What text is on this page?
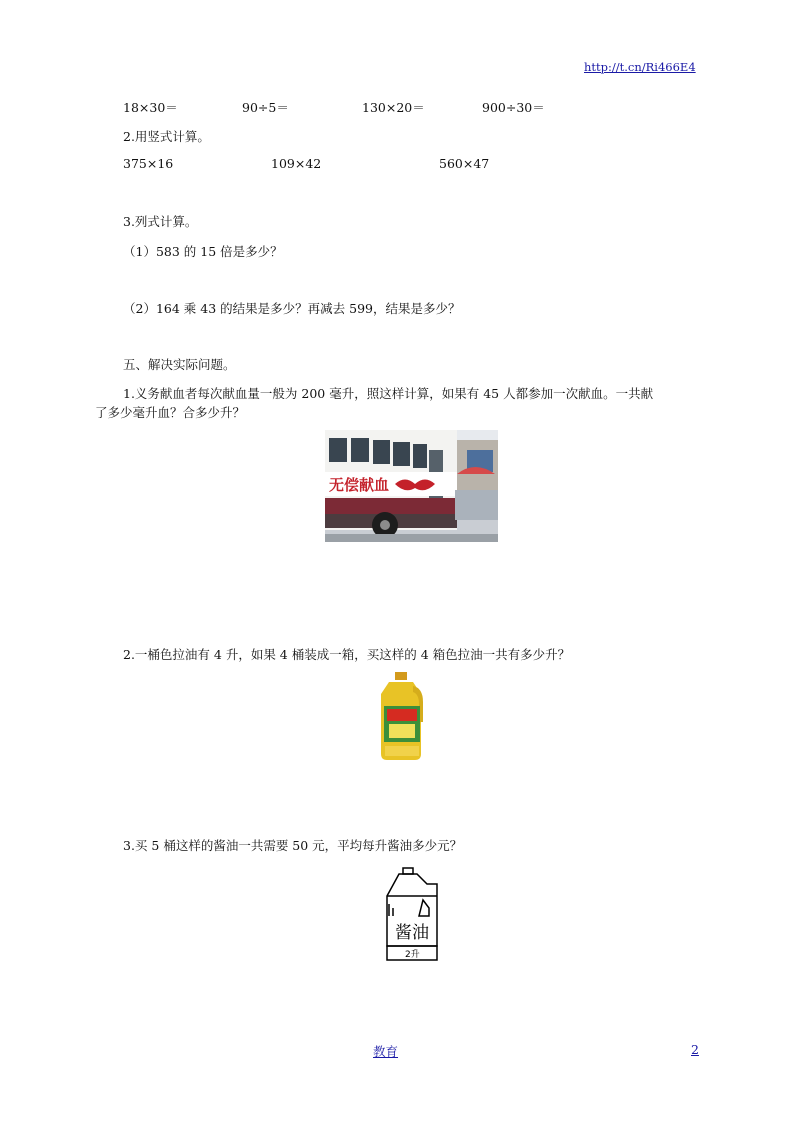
http://t.cn/Ri466E4
18×30＝	90÷5＝	130×20＝	900÷30＝
2.用竖式计算。
375×16	109×42	560×47
3.列式计算。
（1）583 的 15 倍是多少？
（2）164 乘 43 的结果是多少？再减去 599，结果是多少？
五、解决实际问题。
1.义务献血者每次献血量一般为 200 毫升，照这样计算，如果有 45 人都参加一次献血。一共献
了多少毫升血？合多少升？
无偿献血
2.一桶色拉油有 4 升，如果 4 桶装成一箱，买这样的 4 箱色拉油一共有多少升？
3.买 5 桶这样的酱油一共需要 50 元，平均每升酱油多少元？
酱油
2升
教育	2
